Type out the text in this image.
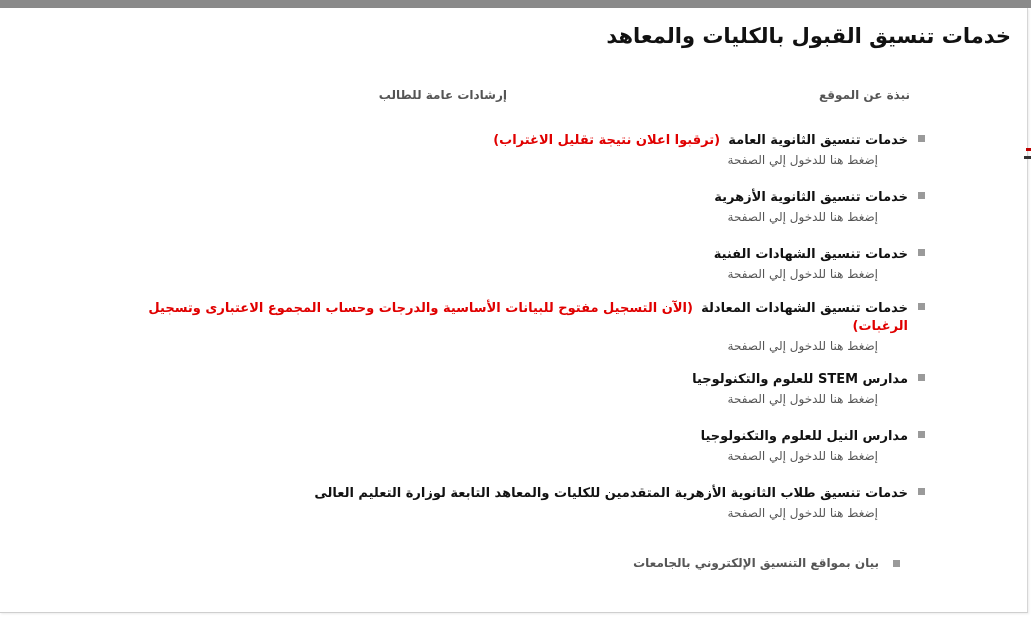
خدمات تنسيق القبول بالكليات والمعاهد
نبذة عن الموقع
إرشادات عامة للطالب
خدمات تنسيق الثانوية العامة  (ترقبوا اعلان نتيجة تقليل الاغتراب)
إضغط هنا للدخول إلي الصفحة
خدمات تنسيق الثانوية الأزهرية
إضغط هنا للدخول إلي الصفحة
خدمات تنسيق الشهادات الفنية
إضغط هنا للدخول إلي الصفحة
خدمات تنسيق الشهادات المعادلة  (الآن التسجيل مفتوح للبيانات الأساسية والدرجات وحساب المجموع الاعتبارى وتسجيل الرغبات)
إضغط هنا للدخول إلي الصفحة
مدارس STEM للعلوم والتكنولوجيا
إضغط هنا للدخول إلي الصفحة
مدارس النيل للعلوم والتكنولوجيا
إضغط هنا للدخول إلي الصفحة
خدمات تنسيق طلاب الثانوية الأزهرية المتقدمين للكليات والمعاهد التابعة لوزارة التعليم العالى
إضغط هنا للدخول إلي الصفحة
بيان بمواقع التنسيق الإلكتروني بالجامعات
